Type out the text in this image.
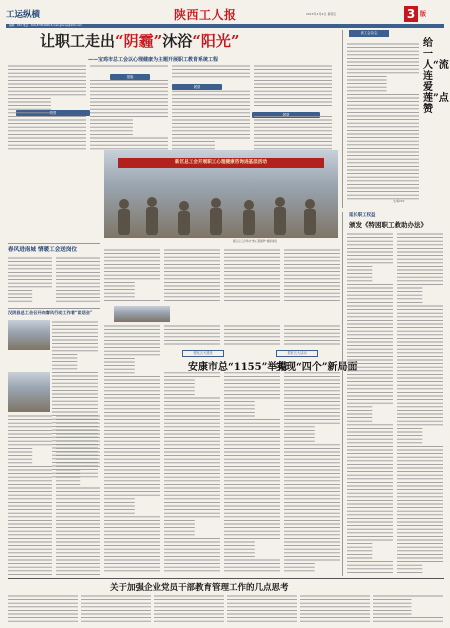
工运纵横	陕西工人报	3 版
2015年1月9日 星期五
编辑：XXX 电话：029-87364466 E-mail:ghxxjs@163.com
让职工走出“阴霾”沐浴“阳光”
——宝鸡市总工会以心理健康为主题开展职工教育系统工程
背景
措施
展望
展望
新区总工会开展职工心理健康咨询进基层活动
新区总工会举办“知心里圆梦”健康讲座
读工会杂志
给一人“流连爱莲”点赞
文/杨XXX
春风进南城 情暖工会送岗位
汉阴县总工会召开向春风行动工作者“谈话会”
强化五大建设	抓好五大活动
安康市总“1155”举措
实现“四个”新局面
延长职工权益
颁发《特困职工救助办法》
关于加强企业党员干部教育管理工作的几点思考
